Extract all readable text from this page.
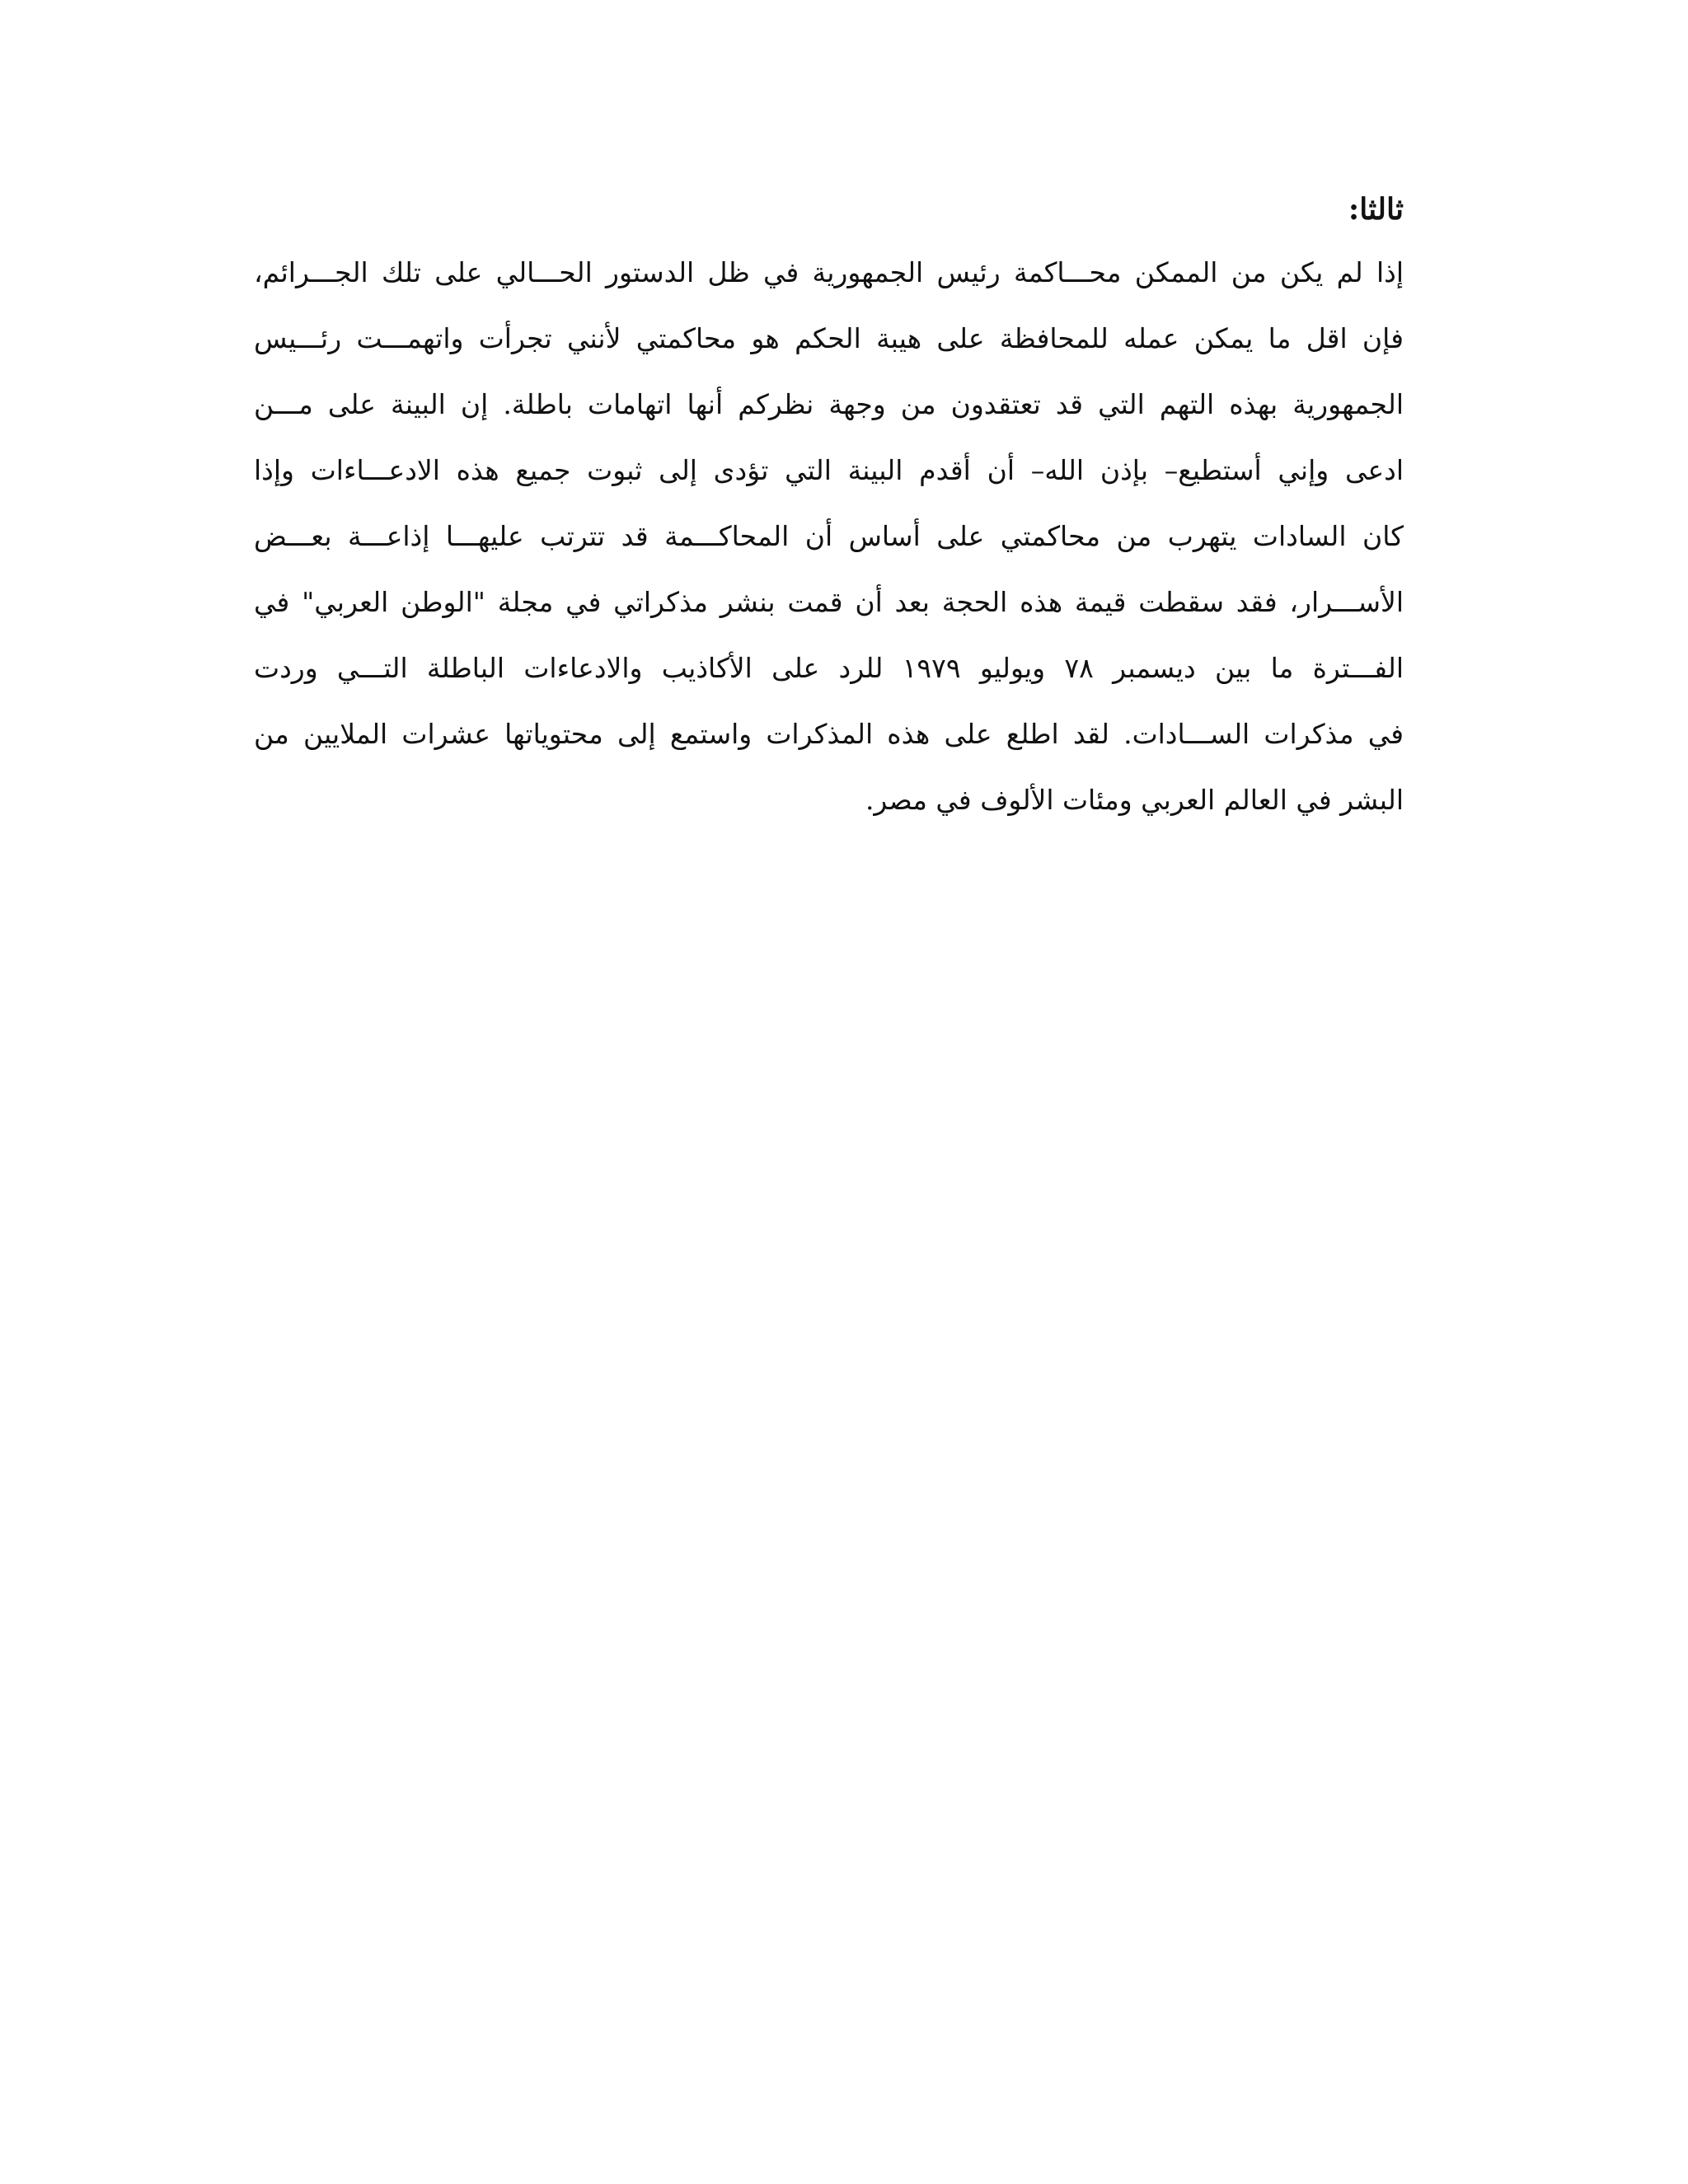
ثالثا:
إذا لم يكن من الممكن محـــاكمة رئيس الجمهورية في ظل الدستور الحـــالي على تلك الجـــرائم،
فإن اقل ما يمكن عمله للمحافظة على هيبة الحكم هو محاكمتي لأنني تجرأت واتهمـــت رئـــيس
الجمهورية بهذه التهم التي قد تعتقدون من وجهة نظركم أنها اتهامات باطلة. إن البينة على مـــن
ادعى وإني أستطيع– بإذن الله– أن أقدم البينة التي تؤدى إلى ثبوت جميع هذه الادعـــاءات وإذا
كان السادات يتهرب من محاكمتي على أساس أن المحاكـــمة قد تترتب عليهـــا إذاعـــة بعـــض
الأســـرار، فقد سقطت قيمة هذه الحجة بعد أن قمت بنشر مذكراتي في مجلة "الوطن العربي" في
الفـــترة ما بين ديسمبر ٧٨ ويوليو ١٩٧٩ للرد على الأكاذيب والادعاءات الباطلة التـــي وردت
في مذكرات الســـادات. لقد اطلع على هذه المذكرات واستمع إلى محتوياتها عشرات الملايين من
البشر في العالم العربي ومئات الألوف في مصر.
